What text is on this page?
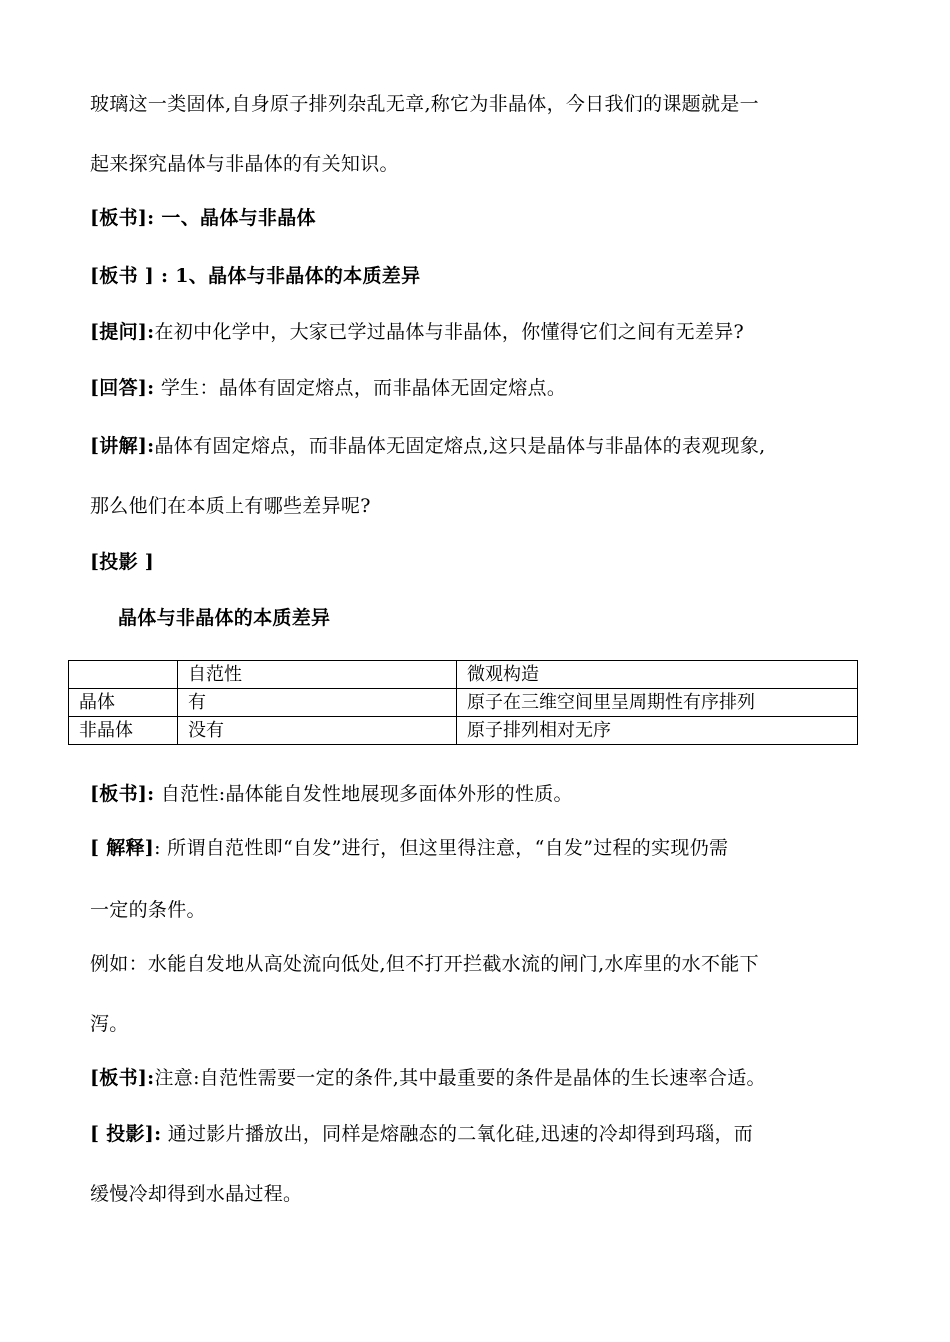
玻璃这一类固体,自身原子排列杂乱无章,称它为非晶体，今日我们的课题就是一
起来探究晶体与非晶体的有关知识。
[板书]: 一、晶体与非晶体
[板书 ] : 1、晶体与非晶体的本质差异
[提问]:在初中化学中，大家已学过晶体与非晶体，你懂得它们之间有无差异?
[回答]: 学生：晶体有固定熔点，而非晶体无固定熔点。
[讲解]:晶体有固定熔点，而非晶体无固定熔点,这只是晶体与非晶体的表观现象,
那么他们在本质上有哪些差异呢?
[投影 ]
晶体与非晶体的本质差异
	自范性	微观构造
晶体	有	原子在三维空间里呈周期性有序排列
非晶体	没有	原子排列相对无序
[板书]: 自范性:晶体能自发性地展现多面体外形的性质。
[ 解释]: 所谓自范性即“自发”进行，但这里得注意，“自发”过程的实现仍需
一定的条件。
例如：水能自发地从高处流向低处,但不打开拦截水流的闸门,水库里的水不能下
泻。
[板书]:注意:自范性需要一定的条件,其中最重要的条件是晶体的生长速率合适。
[ 投影]: 通过影片播放出，同样是熔融态的二氧化硅,迅速的冷却得到玛瑙，而
缓慢冷却得到水晶过程。
